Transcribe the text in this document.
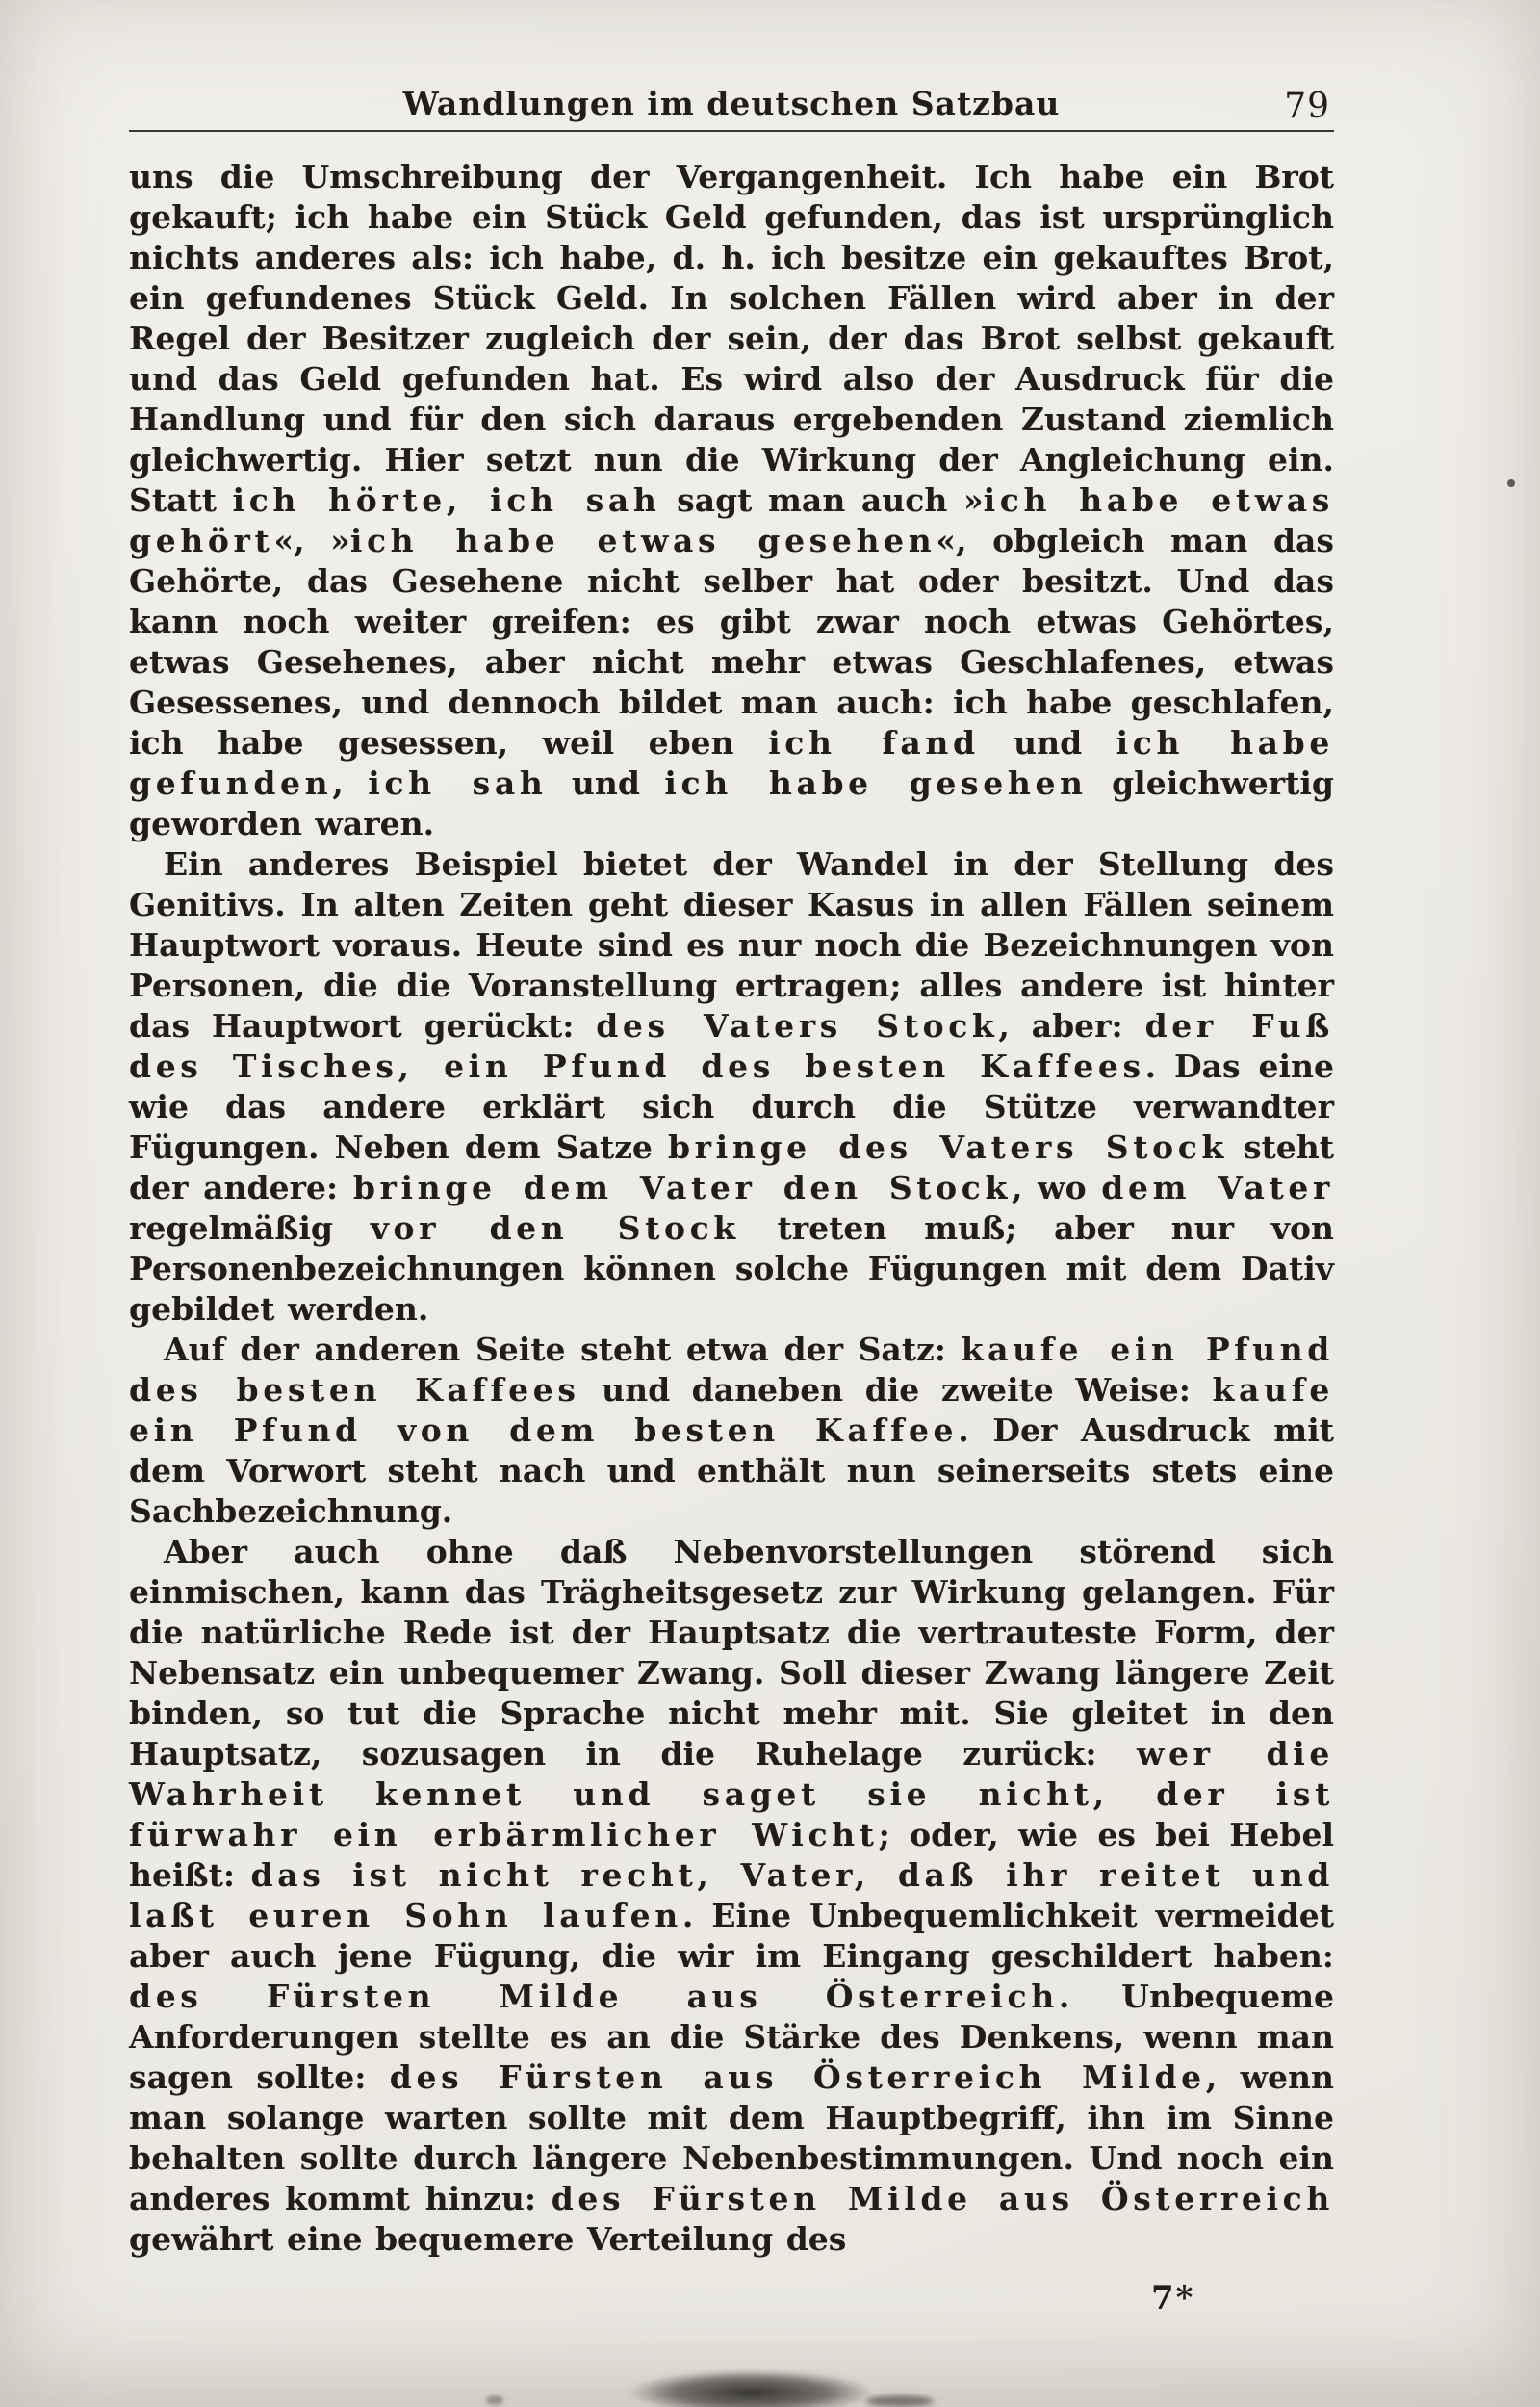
Wandlungen im deutschen Satzbau	79

uns die Umschreibung der Vergangenheit. Ich habe ein Brot gekauft; ich habe ein Stück Geld gefunden, das ist ursprünglich nichts anderes als: ich habe, d. h. ich besitze ein gekauftes Brot, ein gefundenes Stück Geld. In solchen Fällen wird aber in der Regel der Besitzer zugleich der sein, der das Brot selbst gekauft und das Geld gefunden hat. Es wird also der Ausdruck für die Handlung und für den sich daraus ergebenden Zustand ziemlich gleichwertig. Hier setzt nun die Wirkung der Angleichung ein. Statt ich hörte, ich sah sagt man auch »ich habe etwas gehört«, »ich habe etwas gesehen«, obgleich man das Gehörte, das Gesehene nicht selber hat oder besitzt. Und das kann noch weiter greifen: es gibt zwar noch etwas Gehörtes, etwas Gesehenes, aber nicht mehr etwas Geschlafenes, etwas Gesessenes, und dennoch bildet man auch: ich habe geschlafen, ich habe gesessen, weil eben ich fand und ich habe gefunden, ich sah und ich habe gesehen gleichwertig geworden waren.

Ein anderes Beispiel bietet der Wandel in der Stellung des Genitivs. In alten Zeiten geht dieser Kasus in allen Fällen seinem Hauptwort voraus. Heute sind es nur noch die Bezeichnungen von Personen, die die Voranstellung ertragen; alles andere ist hinter das Hauptwort gerückt: des Vaters Stock, aber: der Fuß des Tisches, ein Pfund des besten Kaffees. Das eine wie das andere erklärt sich durch die Stütze verwandter Fügungen. Neben dem Satze bringe des Vaters Stock steht der andere: bringe dem Vater den Stock, wo dem Vater regelmäßig vor den Stock treten muß; aber nur von Personenbezeichnungen können solche Fügungen mit dem Dativ gebildet werden.

Auf der anderen Seite steht etwa der Satz: kaufe ein Pfund des besten Kaffees und daneben die zweite Weise: kaufe ein Pfund von dem besten Kaffee. Der Ausdruck mit dem Vorwort steht nach und enthält nun seinerseits stets eine Sachbezeichnung.

Aber auch ohne daß Nebenvorstellungen störend sich einmischen, kann das Trägheitsgesetz zur Wirkung gelangen. Für die natürliche Rede ist der Hauptsatz die vertrauteste Form, der Nebensatz ein unbequemer Zwang. Soll dieser Zwang längere Zeit binden, so tut die Sprache nicht mehr mit. Sie gleitet in den Hauptsatz, sozusagen in die Ruhelage zurück: wer die Wahrheit kennet und saget sie nicht, der ist fürwahr ein erbärmlicher Wicht; oder, wie es bei Hebel heißt: das ist nicht recht, Vater, daß ihr reitet und laßt euren Sohn laufen. Eine Unbequemlichkeit vermeidet aber auch jene Fügung, die wir im Eingang geschildert haben: des Fürsten Milde aus Österreich. Unbequeme Anforderungen stellte es an die Stärke des Denkens, wenn man sagen sollte: des Fürsten aus Österreich Milde, wenn man solange warten sollte mit dem Hauptbegriff, ihn im Sinne behalten sollte durch längere Nebenbestimmungen. Und noch ein anderes kommt hinzu: des Fürsten Milde aus Österreich gewährt eine bequemere Verteilung des

7*
